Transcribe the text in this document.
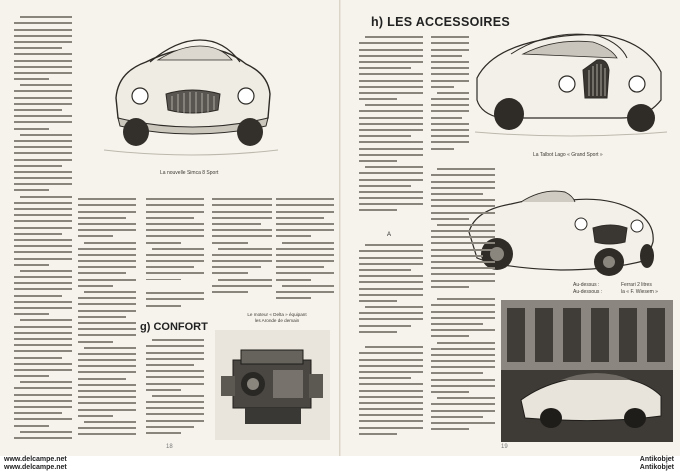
g) CONFORT
La nouvelle Simca 8 Sport
Le moteur « Delta » équipant
les Aronde de demain
18
h) LES ACCESSOIRES
A
La Talbot Lago « Grand Sport »
Au-dessus :	Ferrari 2 litres
Au-dessous :	la « F. Wiesem »
19
www.delcampe.net
www.delcampe.net
Antikobjet
Antikobjet
